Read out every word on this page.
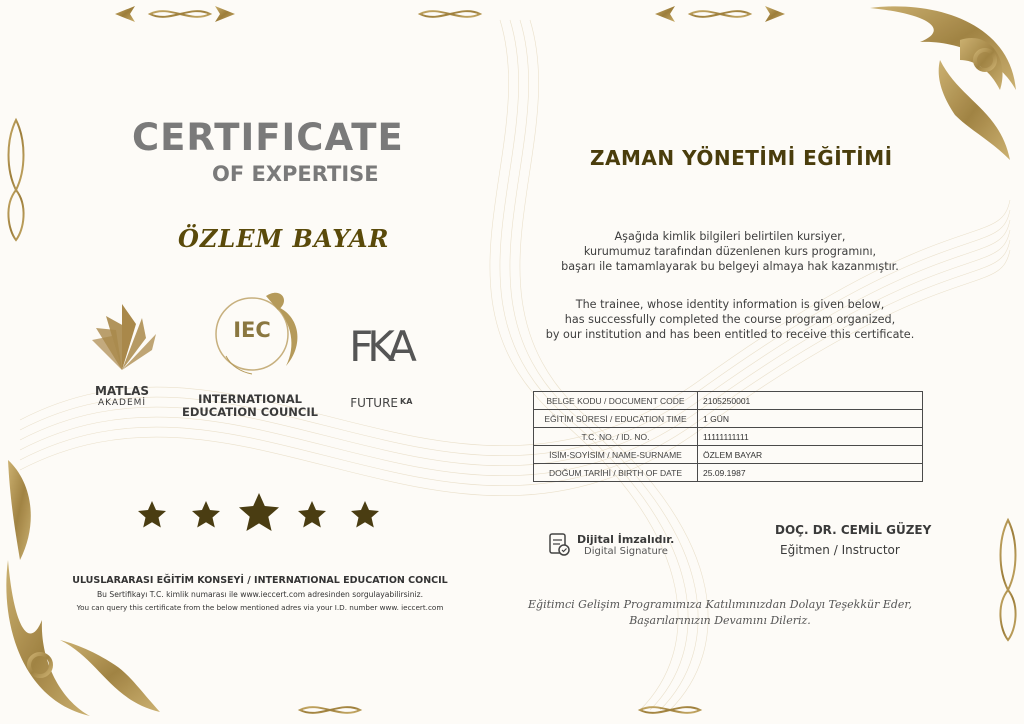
CERTIFICATE
OF EXPERTISE
ÖZLEM BAYAR
MATLAS
AKADEMİ
IEC
INTERNATIONAL
EDUCATION COUNCIL
FKA
FUTURE KA
ULUSLARARASI EĞİTİM KONSEYİ / INTERNATIONAL EDUCATION CONCIL
Bu Sertifikayı T.C. kimlik numarası ile www.ieccert.com adresinden sorgulayabilirsiniz.
You can query this certificate from the below mentioned adres via your I.D. number www. ieccert.com
ZAMAN YÖNETİMİ EĞİTİMİ
Aşağıda kimlik bilgileri belirtilen kursiyer,
kurumumuz tarafından düzenlenen kurs programını,
başarı ile tamamlayarak bu belgeyi almaya hak kazanmıştır.
The trainee, whose identity information is given below,
has successfully completed the course program organized,
by our institution and has been entitled to receive this certificate.
BELGE KODU / DOCUMENT CODE	2105250001
EĞİTİM SÜRESİ / EDUCATION TIME	1 GÜN
T.C. NO. / ID. NO.	11111111111
İSİM-SOYİSİM / NAME-SURNAME	ÖZLEM BAYAR
DOĞUM TARİHİ / BIRTH OF DATE	25.09.1987
Dijital İmzalıdır.
Digital Signature
DOÇ. DR. CEMİL GÜZEY
Eğitmen / Instructor
Eğitimci Gelişim Programımıza Katılımınızdan Dolayı Teşekkür Eder,
Başarılarınızın Devamını Dileriz.
